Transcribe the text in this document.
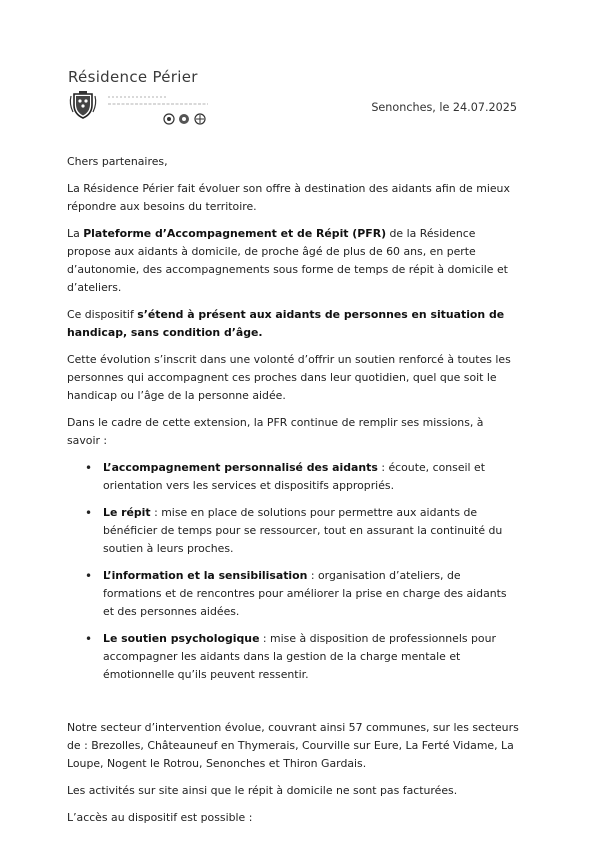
Résidence Périer
Senonches, le 24.07.2025

Chers partenaires,

La Résidence Périer fait évoluer son offre à destination des aidants afin de mieux répondre aux besoins du territoire.

La Plateforme d’Accompagnement et de Répit (PFR) de la Résidence propose aux aidants à domicile, de proche âgé de plus de 60 ans, en perte d’autonomie, des accompagnements sous forme de temps de répit à domicile et d’ateliers.

Ce dispositif s’étend à présent aux aidants de personnes en situation de handicap, sans condition d’âge.

Cette évolution s’inscrit dans une volonté d’offrir un soutien renforcé à toutes les personnes qui accompagnent ces proches dans leur quotidien, quel que soit le handicap ou l’âge de la personne aidée.

Dans le cadre de cette extension, la PFR continue de remplir ses missions, à savoir :

• L’accompagnement personnalisé des aidants : écoute, conseil et orientation vers les services et dispositifs appropriés.
• Le répit : mise en place de solutions pour permettre aux aidants de bénéficier de temps pour se ressourcer, tout en assurant la continuité du soutien à leurs proches.
• L’information et la sensibilisation : organisation d’ateliers, de formations et de rencontres pour améliorer la prise en charge des aidants et des personnes aidées.
• Le soutien psychologique : mise à disposition de professionnels pour accompagner les aidants dans la gestion de la charge mentale et émotionnelle qu’ils peuvent ressentir.

Notre secteur d’intervention évolue, couvrant ainsi 57 communes, sur les secteurs de : Brezolles, Châteauneuf en Thymerais, Courville sur Eure, La Ferté Vidame, La Loupe, Nogent le Rotrou, Senonches et Thiron Gardais.

Les activités sur site ainsi que le répit à domicile ne sont pas facturées.

L’accès au dispositif est possible :
